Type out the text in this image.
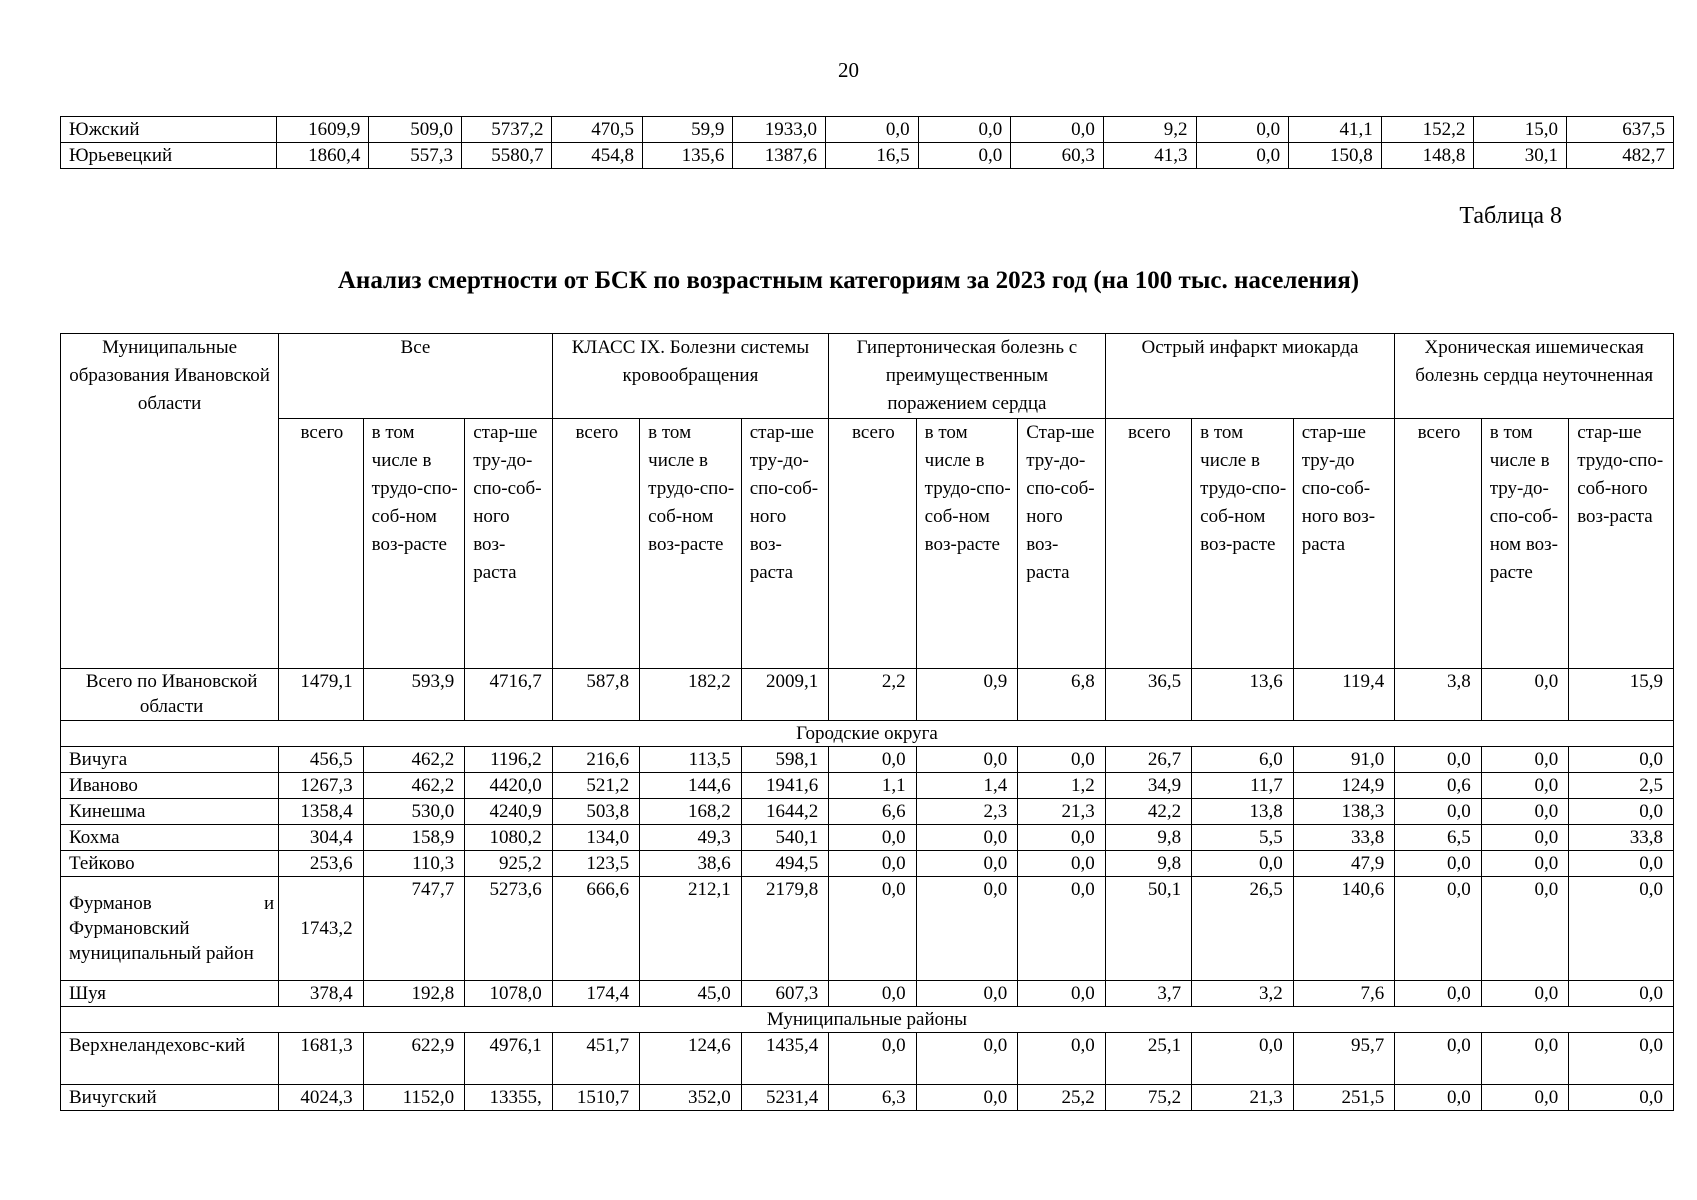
20
Южский	1609,9	509,0	5737,2	470,5	59,9	1933,0	0,0	0,0	0,0	9,2	0,0	41,1	152,2	15,0	637,5
Юрьевецкий	1860,4	557,3	5580,7	454,8	135,6	1387,6	16,5	0,0	60,3	41,3	0,0	150,8	148,8	30,1	482,7
Таблица 8
Анализ смертности от БСК по возрастным категориям за 2023 год (на 100 тыс. населения)
Муниципальные образования Ивановской области	Все			КЛАСС IX. Болезни системы кровообращения			Гипертоническая болезнь с преимущественным поражением сердца			Острый инфаркт миокарда			Хроническая ишемическая болезнь сердца неуточненная		
	всего	в том числе в трудо-спо-соб-ном воз-расте	стар-ше тру-до-спо-соб-ного воз-раста	всего	в том числе в трудо-спо-соб-ном воз-расте	стар-ше тру-до-спо-соб-ного воз-раста	всего	в том числе в трудо-спо-соб-ном воз-расте	Стар-ше тру-до-спо-соб-ного воз-раста	всего	в том числе в трудо-спо-соб-ном воз-расте	стар-ше тру-до спо-соб-ного воз-раста	всего	в том числе в тру-до-спо-соб-ном воз-расте	стар-ше трудо-спо-соб-ного воз-раста
Всего по Ивановской области	1479,1	593,9	4716,7	587,8	182,2	2009,1	2,2	0,9	6,8	36,5	13,6	119,4	3,8	0,0	15,9
Городские округа															
Вичуга	456,5	462,2	1196,2	216,6	113,5	598,1	0,0	0,0	0,0	26,7	6,0	91,0	0,0	0,0	0,0
Иваново	1267,3	462,2	4420,0	521,2	144,6	1941,6	1,1	1,4	1,2	34,9	11,7	124,9	0,6	0,0	2,5
Кинешма	1358,4	530,0	4240,9	503,8	168,2	1644,2	6,6	2,3	21,3	42,2	13,8	138,3	0,0	0,0	0,0
Кохма	304,4	158,9	1080,2	134,0	49,3	540,1	0,0	0,0	0,0	9,8	5,5	33,8	6,5	0,0	33,8
Тейково	253,6	110,3	925,2	123,5	38,6	494,5	0,0	0,0	0,0	9,8	0,0	47,9	0,0	0,0	0,0
Фурманов и Фурмановский муниципальный район	1743,2	747,7	5273,6	666,6	212,1	2179,8	0,0	0,0	0,0	50,1	26,5	140,6	0,0	0,0	0,0
Шуя	378,4	192,8	1078,0	174,4	45,0	607,3	0,0	0,0	0,0	3,7	3,2	7,6	0,0	0,0	0,0
Муниципальные районы															
Верхнеландеховс-кий	1681,3	622,9	4976,1	451,7	124,6	1435,4	0,0	0,0	0,0	25,1	0,0	95,7	0,0	0,0	0,0
Вичугский	4024,3	1152,0	13355,	1510,7	352,0	5231,4	6,3	0,0	25,2	75,2	21,3	251,5	0,0	0,0	0,0
